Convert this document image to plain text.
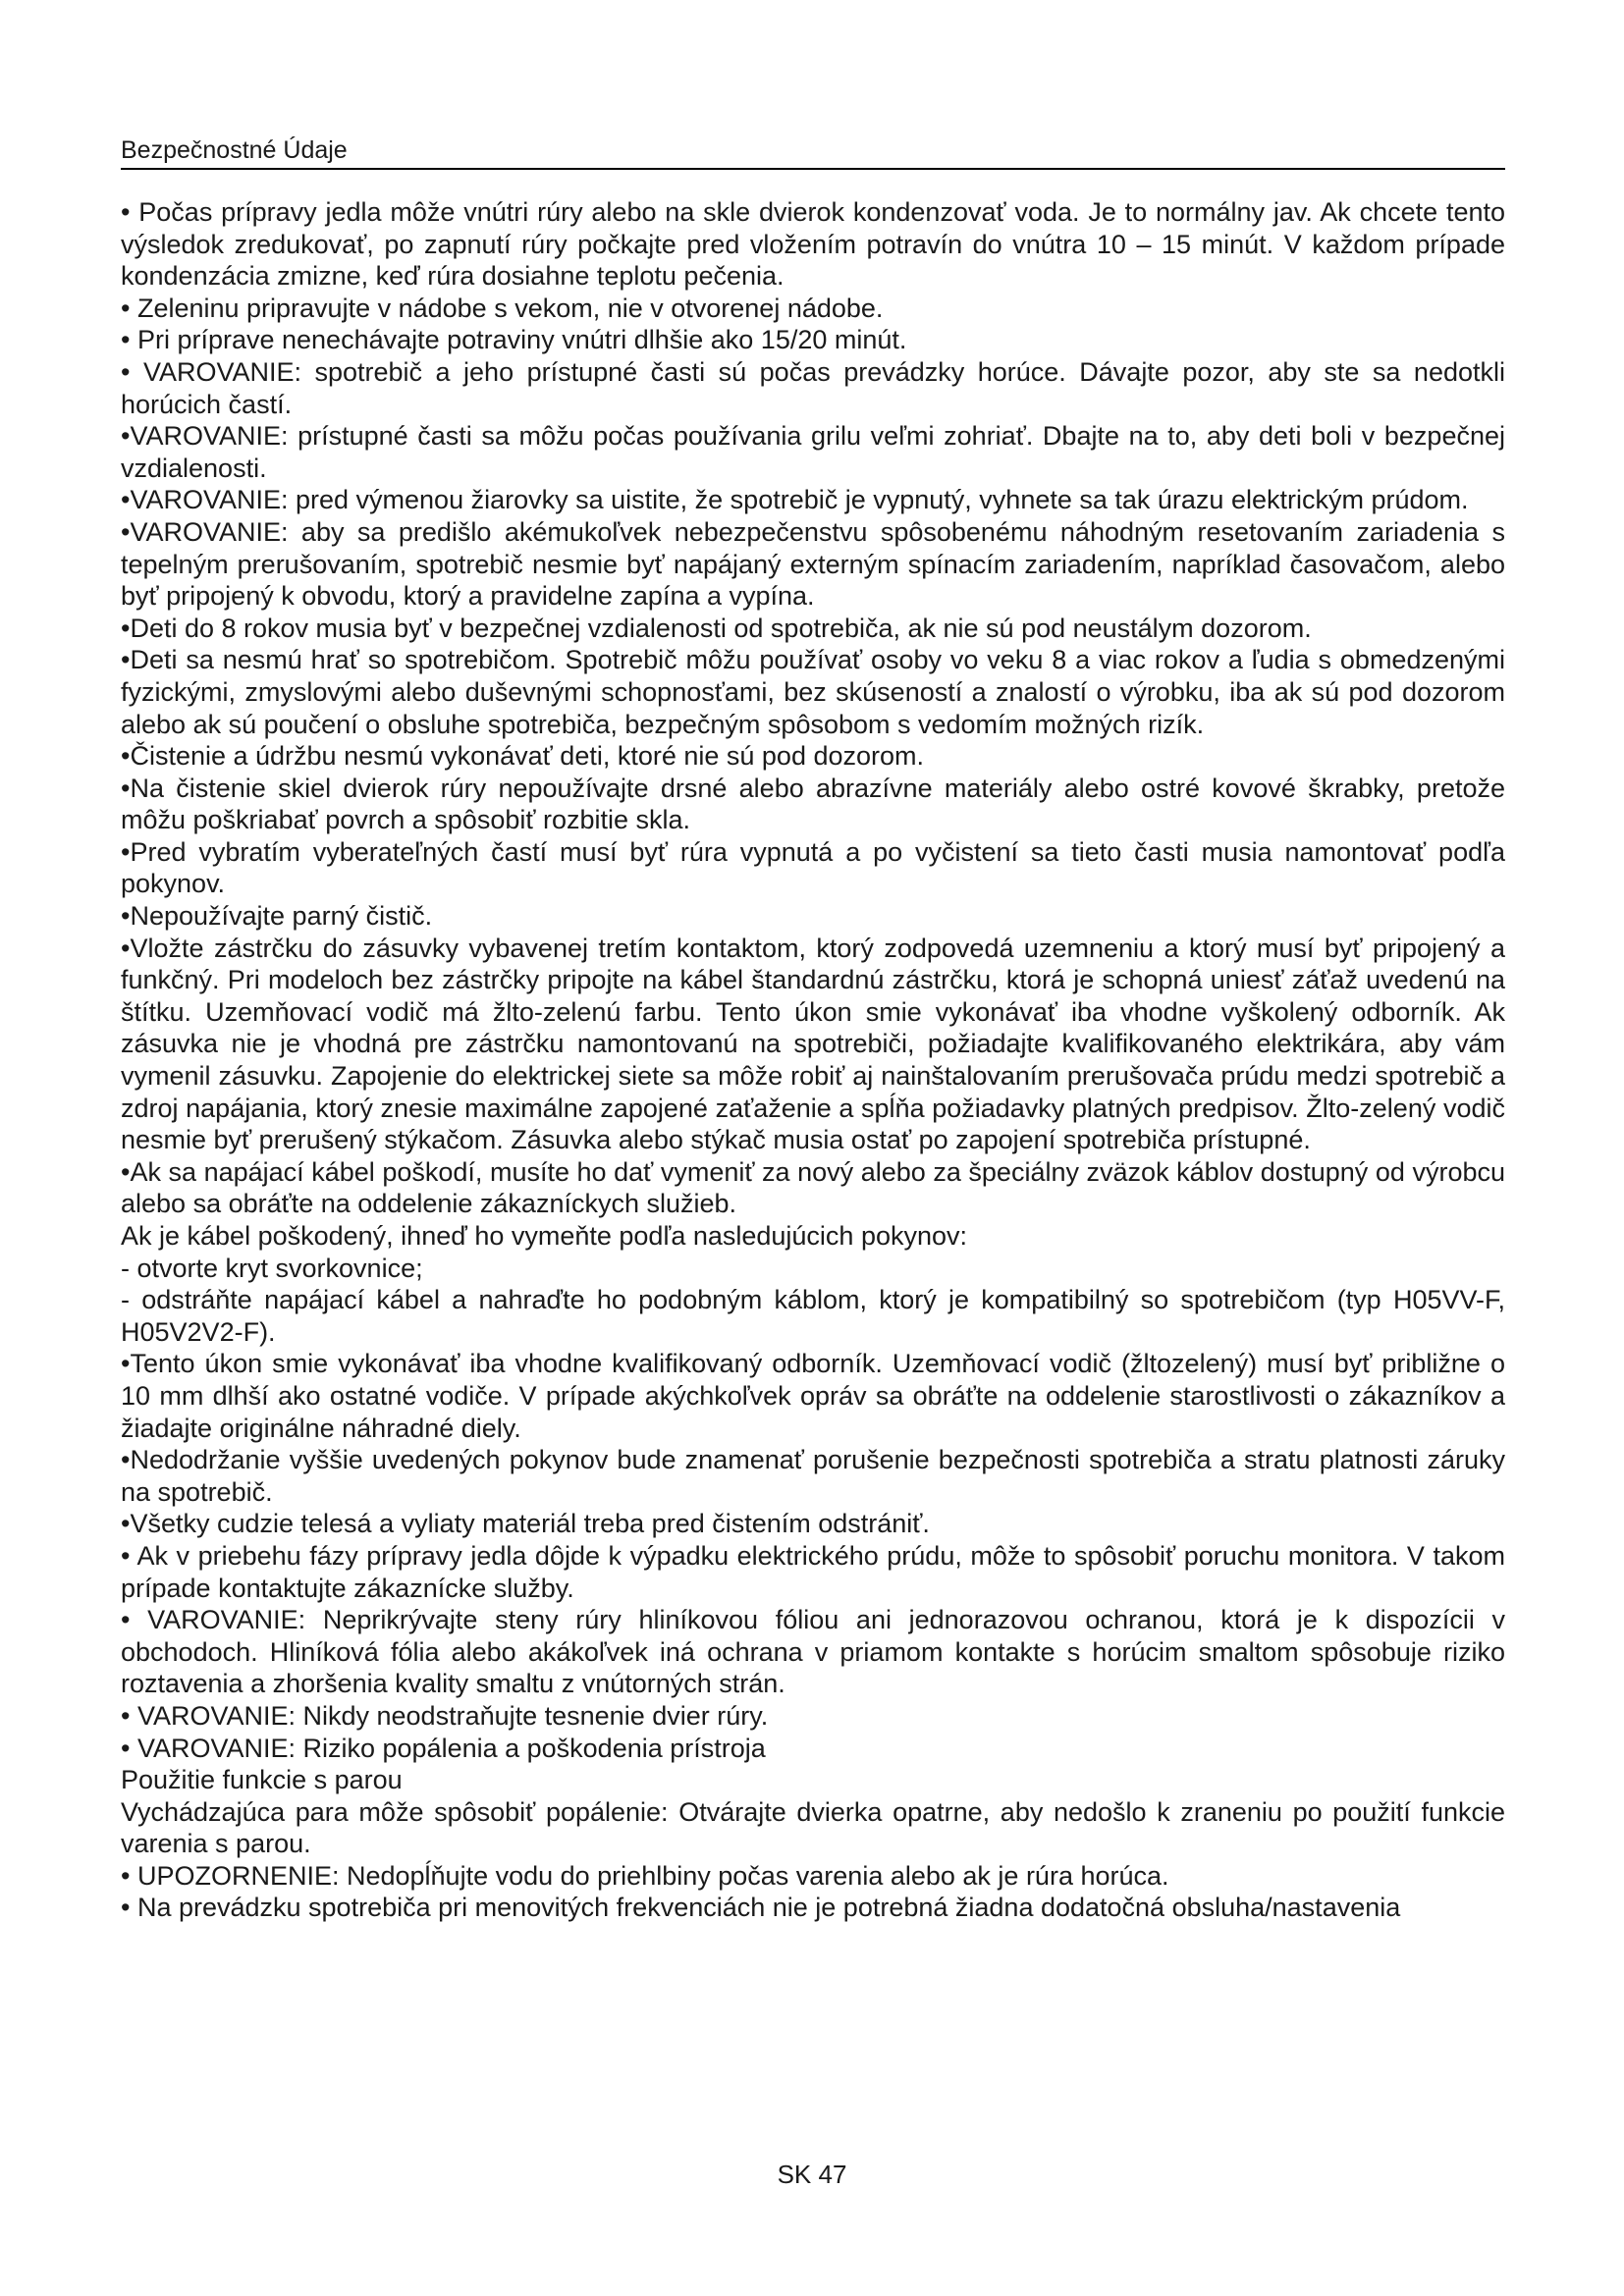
Bezpečnostné Údaje

• Počas prípravy jedla môže vnútri rúry alebo na skle dvierok kondenzovať voda. Je to normálny jav. Ak chcete tento výsledok zredukovať, po zapnutí rúry počkajte pred vložením potravín do vnútra 10 – 15 minút. V každom prípade kondenzácia zmizne, keď rúra dosiahne teplotu pečenia.

• Zeleninu pripravujte v nádobe s vekom, nie v otvorenej nádobe.

• Pri príprave nenechávajte potraviny vnútri dlhšie ako 15/20 minút.

• VAROVANIE: spotrebič a jeho prístupné časti sú počas prevádzky horúce. Dávajte pozor, aby ste sa nedotkli horúcich častí.

•VAROVANIE: prístupné časti sa môžu počas používania grilu veľmi zohriať. Dbajte na to, aby deti boli v bezpečnej vzdialenosti.

•VAROVANIE: pred výmenou žiarovky sa uistite, že spotrebič je vypnutý, vyhnete sa tak úrazu elektrickým prúdom.

•VAROVANIE: aby sa predišlo akémukoľvek nebezpečenstvu spôsobenému náhodným resetovaním zariadenia s tepelným prerušovaním, spotrebič nesmie byť napájaný externým spínacím zariadením, napríklad časovačom, alebo byť pripojený k obvodu, ktorý a pravidelne zapína a vypína.

•Deti do 8 rokov musia byť v bezpečnej vzdialenosti od spotrebiča, ak nie sú pod neustálym dozorom.

•Deti sa nesmú hrať so spotrebičom. Spotrebič môžu používať osoby vo veku 8 a viac rokov a ľudia s obmedzenými fyzickými, zmyslovými alebo duševnými schopnosťami, bez skúseností a znalostí o výrobku, iba ak sú pod dozorom alebo ak sú poučení o obsluhe spotrebiča, bezpečným spôsobom s vedomím možných rizík.

•Čistenie a údržbu nesmú vykonávať deti, ktoré nie sú pod dozorom.

•Na čistenie skiel dvierok rúry nepoužívajte drsné alebo abrazívne materiály alebo ostré kovové škrabky, pretože môžu poškriabať povrch a spôsobiť rozbitie skla.

•Pred vybratím vyberateľných častí musí byť rúra vypnutá a po vyčistení sa tieto časti musia namontovať podľa pokynov.

•Nepoužívajte parný čistič.

•Vložte zástrčku do zásuvky vybavenej tretím kontaktom, ktorý zodpovedá uzemneniu a ktorý musí byť pripojený a funkčný. Pri modeloch bez zástrčky pripojte na kábel štandardnú zástrčku, ktorá je schopná uniesť záťaž uvedenú na štítku. Uzemňovací vodič má žlto-zelenú farbu. Tento úkon smie vykonávať iba vhodne vyškolený odborník. Ak zásuvka nie je vhodná pre zástrčku namontovanú na spotrebiči, požiadajte kvalifikovaného elektrikára, aby vám vymenil zásuvku. Zapojenie do elektrickej siete sa môže robiť aj nainštalovaním prerušovača prúdu medzi spotrebič a zdroj napájania, ktorý znesie maximálne zapojené zaťaženie a spĺňa požiadavky platných predpisov. Žlto-zelený vodič nesmie byť prerušený stýkačom. Zásuvka alebo stýkač musia ostať po zapojení spotrebiča prístupné.

•Ak sa napájací kábel poškodí, musíte ho dať vymeniť za nový alebo za špeciálny zväzok káblov dostupný od výrobcu alebo sa obráťte na oddelenie zákazníckych služieb.

Ak je kábel poškodený, ihneď ho vymeňte podľa nasledujúcich pokynov:

- otvorte kryt svorkovnice;

- odstráňte napájací kábel a nahraďte ho podobným káblom, ktorý je kompatibilný so spotrebičom (typ H05VV-F, H05V2V2-F).

•Tento úkon smie vykonávať iba vhodne kvalifikovaný odborník. Uzemňovací vodič (žltozelený) musí byť približne o 10 mm dlhší ako ostatné vodiče. V prípade akýchkoľvek opráv sa obráťte na oddelenie starostlivosti o zákazníkov a žiadajte originálne náhradné diely.

•Nedodržanie vyššie uvedených pokynov bude znamenať porušenie bezpečnosti spotrebiča a stratu platnosti záruky na spotrebič.

•Všetky cudzie telesá a vyliaty materiál treba pred čistením odstrániť.

• Ak v priebehu fázy prípravy jedla dôjde k výpadku elektrického prúdu, môže to spôsobiť poruchu monitora. V takom prípade kontaktujte zákaznícke služby.

• VAROVANIE: Neprikrývajte steny rúry hliníkovou fóliou ani jednorazovou ochranou, ktorá je k dispozícii v obchodoch. Hliníková fólia alebo akákoľvek iná ochrana v priamom kontakte s horúcim smaltom spôsobuje riziko roztavenia a zhoršenia kvality smaltu z vnútorných strán.

• VAROVANIE: Nikdy neodstraňujte tesnenie dvier rúry.

• VAROVANIE: Riziko popálenia a poškodenia prístroja

Použitie funkcie s parou

Vychádzajúca para môže spôsobiť popálenie: Otvárajte dvierka opatrne, aby nedošlo k zraneniu po použití funkcie varenia s parou.

• UPOZORNENIE: Nedopĺňujte vodu do priehlbiny počas varenia alebo ak je rúra horúca.

• Na prevádzku spotrebiča pri menovitých frekvenciách nie je potrebná žiadna dodatočná obsluha/nastavenia

SK 47
